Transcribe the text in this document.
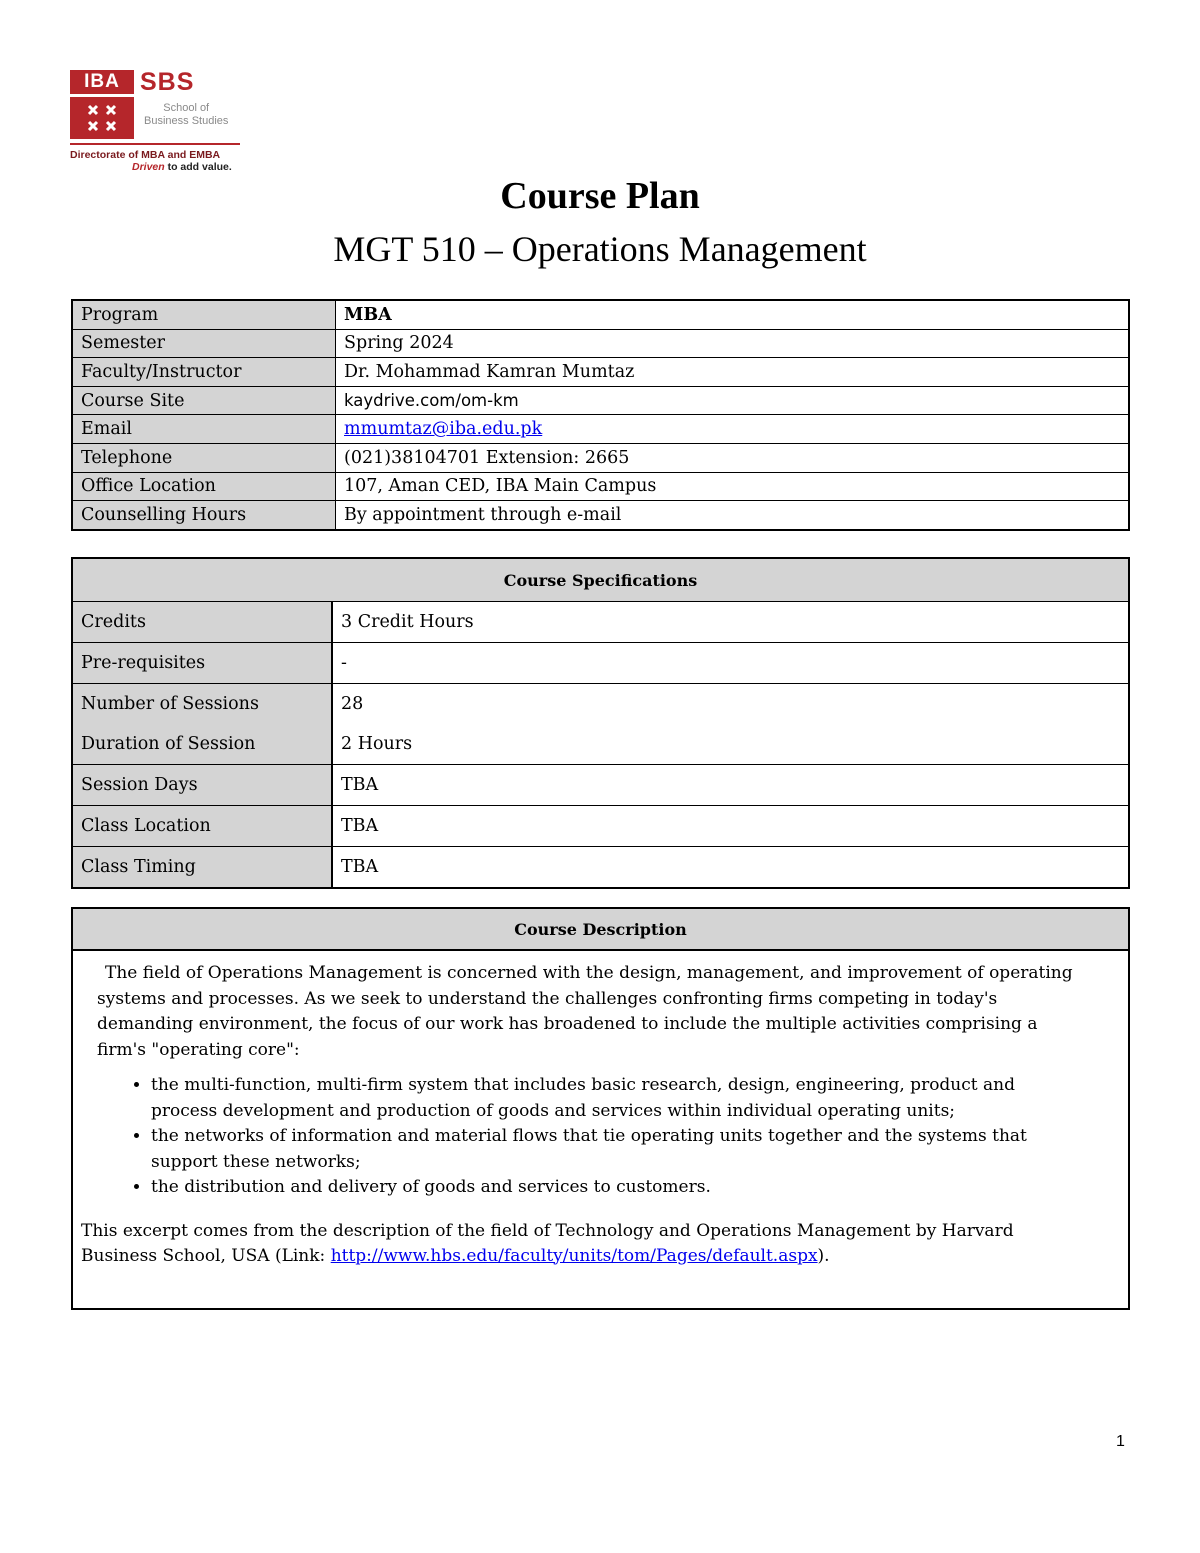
IBA SBS
School of
Business Studies
Directorate of MBA and EMBA
Driven to add value.
Course Plan
MGT 510 – Operations Management
Program	MBA
Semester	Spring 2024
Faculty/Instructor	Dr. Mohammad Kamran Mumtaz
Course Site	kaydrive.com/om-km
Email	mmumtaz@iba.edu.pk
Telephone	(021)38104701 Extension: 2665
Office Location	107, Aman CED, IBA Main Campus
Counselling Hours	By appointment through e-mail
Course Specifications	
Credits	3 Credit Hours
Pre-requisites	-
Number of Sessions	28
Duration of Session	2 Hours
Session Days	TBA
Class Location	TBA
Class Timing	TBA
Course Description

The field of Operations Management is concerned with the design, management, and improvement of operating systems and processes. As we seek to understand the challenges confronting firms competing in today's demanding environment, the focus of our work has broadened to include the multiple activities comprising a firm's "operating core":

• the multi-function, multi-firm system that includes basic research, design, engineering, product and process development and production of goods and services within individual operating units;
• the networks of information and material flows that tie operating units together and the systems that support these networks;
• the distribution and delivery of goods and services to customers.

This excerpt comes from the description of the field of Technology and Operations Management by Harvard Business School, USA (Link: http://www.hbs.edu/faculty/units/tom/Pages/default.aspx).

1
